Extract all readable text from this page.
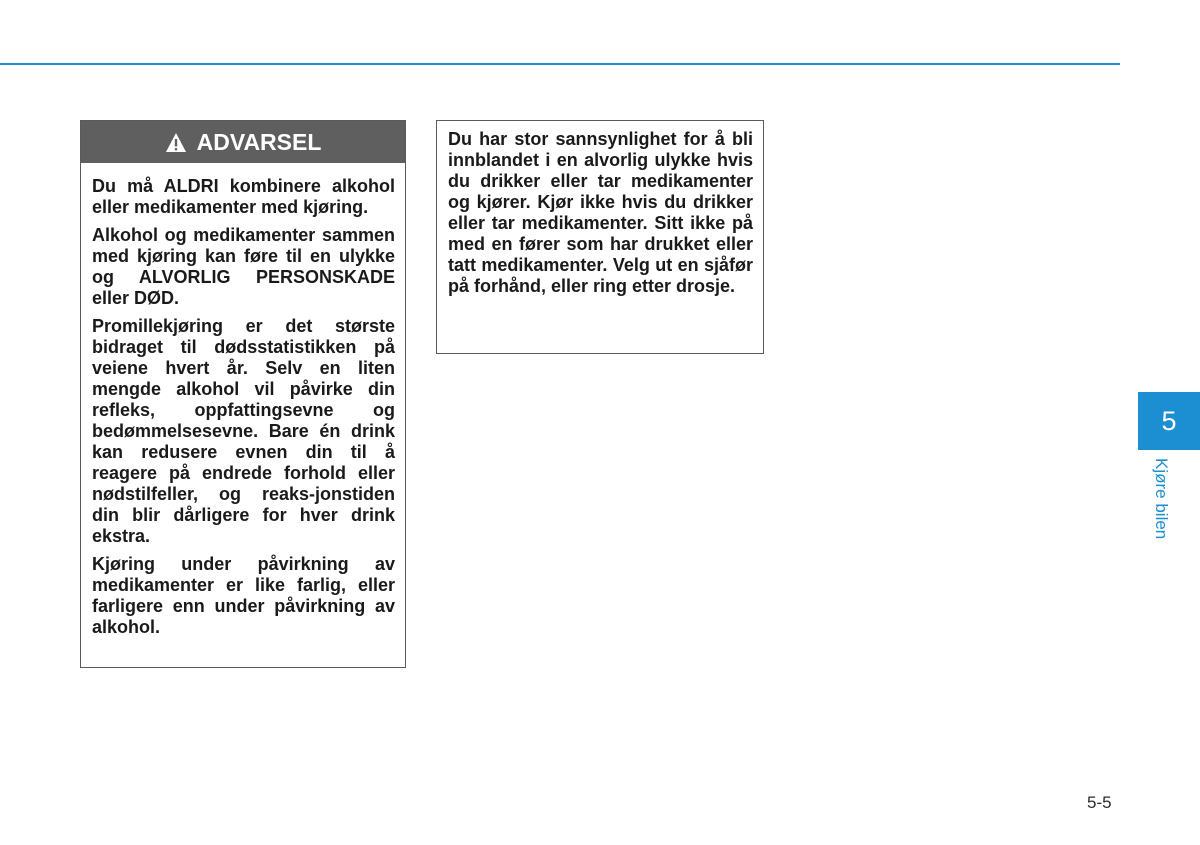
ADVARSEL

Du må ALDRI kombinere alkohol eller medikamenter med kjøring.

Alkohol og medikamenter sammen med kjøring kan føre til en ulykke og ALVORLIG PERSONSKADE eller DØD.

Promillekjøring er det største bidraget til dødsstatistikken på veiene hvert år. Selv en liten mengde alkohol vil påvirke din refleks, oppfattingsevne og bedømmelsesevne. Bare én drink kan redusere evnen din til å reagere på endrede forhold eller nødstilfeller, og reaks-jonstiden din blir dårligere for hver drink ekstra.

Kjøring under påvirkning av medikamenter er like farlig, eller farligere enn under påvirkning av alkohol.

Du har stor sannsynlighet for å bli innblandet i en alvorlig ulykke hvis du drikker eller tar medikamenter og kjører. Kjør ikke hvis du drikker eller tar medikamenter. Sitt ikke på med en fører som har drukket eller tatt medikamenter. Velg ut en sjåfør på forhånd, eller ring etter drosje.

5
Kjøre bilen
5-5
